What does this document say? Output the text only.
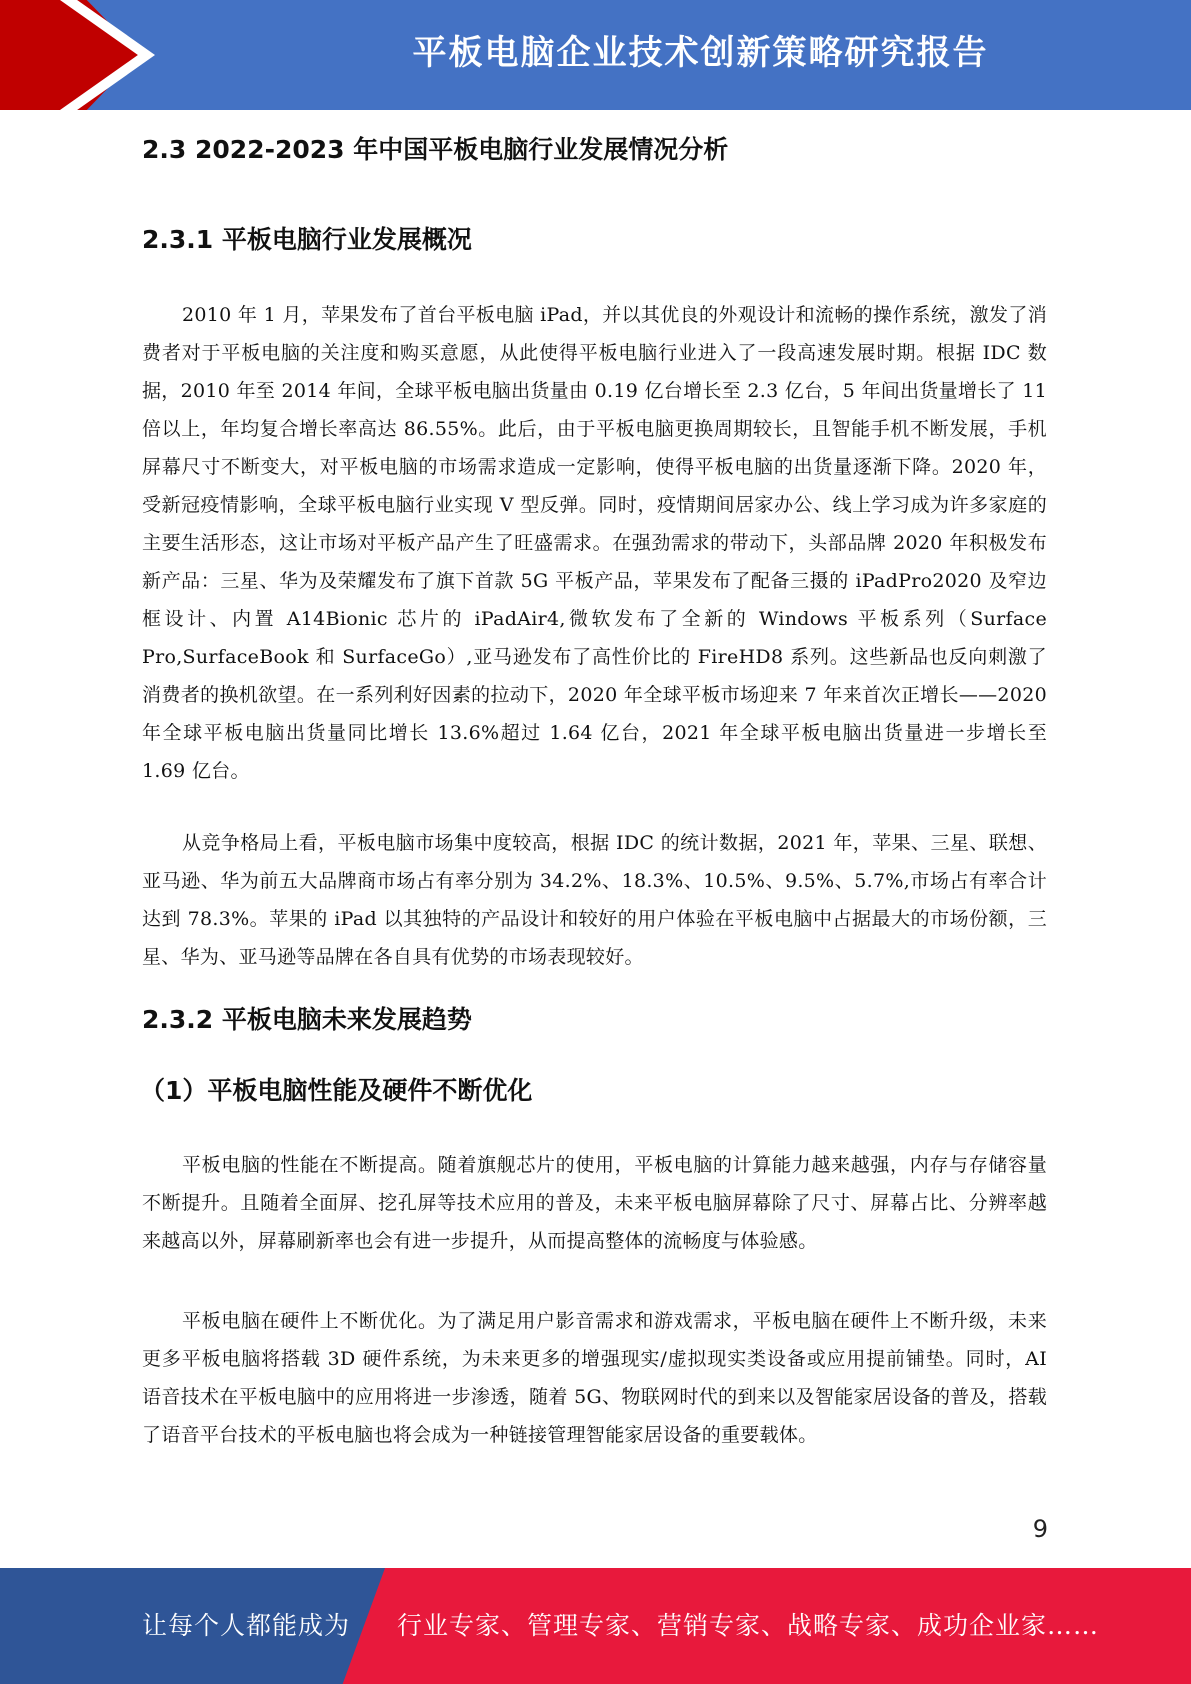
平板电脑企业技术创新策略研究报告
2.3 2022-2023 年中国平板电脑行业发展情况分析
2.3.1 平板电脑行业发展概况

2010 年 1 月，苹果发布了首台平板电脑 iPad，并以其优良的外观设计和流畅的操作系统，激发了消费者对于平板电脑的关注度和购买意愿，从此使得平板电脑行业进入了一段高速发展时期。根据 IDC 数据，2010 年至 2014 年间，全球平板电脑出货量由 0.19 亿台增长至 2.3 亿台，5 年间出货量增长了 11 倍以上，年均复合增长率高达 86.55%。此后，由于平板电脑更换周期较长，且智能手机不断发展，手机屏幕尺寸不断变大，对平板电脑的市场需求造成一定影响，使得平板电脑的出货量逐渐下降。2020 年，受新冠疫情影响，全球平板电脑行业实现 V 型反弹。同时，疫情期间居家办公、线上学习成为许多家庭的主要生活形态，这让市场对平板产品产生了旺盛需求。在强劲需求的带动下，头部品牌 2020 年积极发布新产品：三星、华为及荣耀发布了旗下首款 5G 平板产品，苹果发布了配备三摄的 iPadPro2020 及窄边框设计、内置 A14Bionic 芯片的 iPadAir4,微软发布了全新的 Windows 平板系列（Surface Pro,SurfaceBook 和 SurfaceGo）,亚马逊发布了高性价比的 FireHD8 系列。这些新品也反向刺激了消费者的换机欲望。在一系列利好因素的拉动下，2020 年全球平板市场迎来 7 年来首次正增长——2020 年全球平板电脑出货量同比增长 13.6%超过 1.64 亿台，2021 年全球平板电脑出货量进一步增长至 1.69 亿台。

从竞争格局上看，平板电脑市场集中度较高，根据 IDC 的统计数据，2021 年，苹果、三星、联想、亚马逊、华为前五大品牌商市场占有率分别为 34.2%、18.3%、10.5%、9.5%、5.7%,市场占有率合计达到 78.3%。苹果的 iPad 以其独特的产品设计和较好的用户体验在平板电脑中占据最大的市场份额，三星、华为、亚马逊等品牌在各自具有优势的市场表现较好。

2.3.2 平板电脑未来发展趋势
（1）平板电脑性能及硬件不断优化

平板电脑的性能在不断提高。随着旗舰芯片的使用，平板电脑的计算能力越来越强，内存与存储容量不断提升。且随着全面屏、挖孔屏等技术应用的普及，未来平板电脑屏幕除了尺寸、屏幕占比、分辨率越来越高以外，屏幕刷新率也会有进一步提升，从而提高整体的流畅度与体验感。

平板电脑在硬件上不断优化。为了满足用户影音需求和游戏需求，平板电脑在硬件上不断升级，未来更多平板电脑将搭载 3D 硬件系统，为未来更多的增强现实/虚拟现实类设备或应用提前铺垫。同时，AI 语音技术在平板电脑中的应用将进一步渗透，随着 5G、物联网时代的到来以及智能家居设备的普及，搭载了语音平台技术的平板电脑也将会成为一种链接管理智能家居设备的重要载体。

9
让每个人都能成为 行业专家、管理专家、营销专家、战略专家、成功企业家……
